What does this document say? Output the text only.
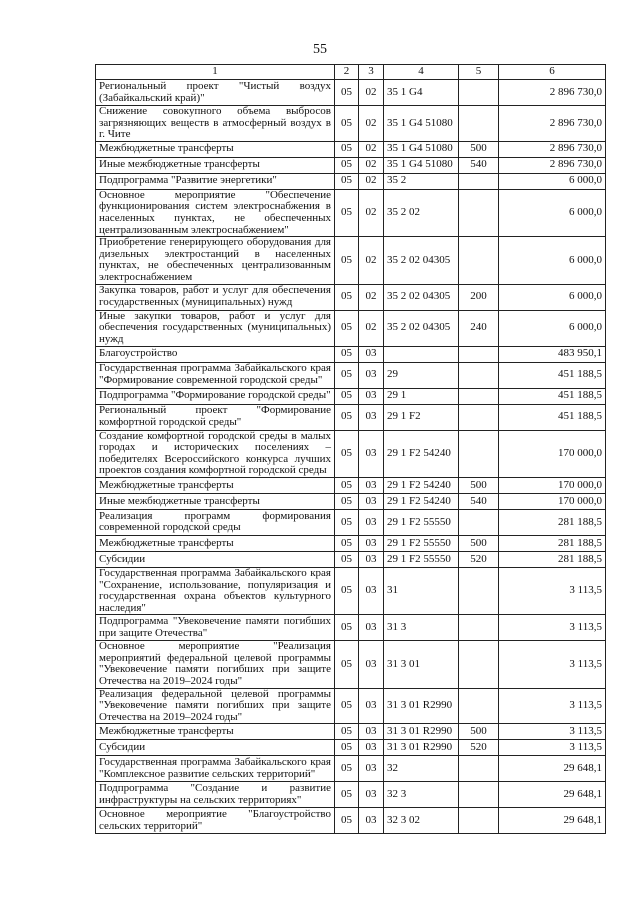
55
1	2	3	4	5	6
Региональный проект "Чистый воздух (Забайкальский край)"	05	02	35 1 G4		2 896 730,0
Снижение совокупного объема выбросов загрязняющих веществ в атмосферный воздух в г. Чите	05	02	35 1 G4 51080		2 896 730,0
Межбюджетные трансферты	05	02	35 1 G4 51080	500	2 896 730,0
Иные межбюджетные трансферты	05	02	35 1 G4 51080	540	2 896 730,0
Подпрограмма "Развитие энергетики"	05	02	35 2		6 000,0
Основное мероприятие "Обеспечение функционирования систем электроснабжения в населенных пунктах, не обеспеченных централизованным электроснабжением"	05	02	35 2 02		6 000,0
Приобретение генерирующего оборудования для дизельных электростанций в населенных пунктах, не обеспеченных централизованным электроснабжением	05	02	35 2 02 04305		6 000,0
Закупка товаров, работ и услуг для обеспечения государственных (муниципальных) нужд	05	02	35 2 02 04305	200	6 000,0
Иные закупки товаров, работ и услуг для обеспечения государственных (муниципальных) нужд	05	02	35 2 02 04305	240	6 000,0
Благоустройство	05	03			483 950,1
Государственная программа Забайкальского края "Формирование современной городской среды"	05	03	29		451 188,5
Подпрограмма "Формирование городской среды"	05	03	29 1		451 188,5
Региональный проект "Формирование комфортной городской среды"	05	03	29 1 F2		451 188,5
Создание комфортной городской среды в малых городах и исторических поселениях – победителях Всероссийского конкурса лучших проектов создания комфортной городской среды	05	03	29 1 F2 54240		170 000,0
Межбюджетные трансферты	05	03	29 1 F2 54240	500	170 000,0
Иные межбюджетные трансферты	05	03	29 1 F2 54240	540	170 000,0
Реализация программ формирования современной городской среды	05	03	29 1 F2 55550		281 188,5
Межбюджетные трансферты	05	03	29 1 F2 55550	500	281 188,5
Субсидии	05	03	29 1 F2 55550	520	281 188,5
Государственная программа Забайкальского края "Сохранение, использование, популяризация и государственная охрана объектов культурного наследия"	05	03	31		3 113,5
Подпрограмма "Увековечение памяти погибших при защите Отечества"	05	03	31 3		3 113,5
Основное мероприятие "Реализация мероприятий федеральной целевой программы "Увековечение памяти погибших при защите Отечества на 2019–2024 годы"	05	03	31 3 01		3 113,5
Реализация федеральной целевой программы "Увековечение памяти погибших при защите Отечества на 2019–2024 годы"	05	03	31 3 01 R2990		3 113,5
Межбюджетные трансферты	05	03	31 3 01 R2990	500	3 113,5
Субсидии	05	03	31 3 01 R2990	520	3 113,5
Государственная программа Забайкальского края "Комплексное развитие сельских территорий"	05	03	32		29 648,1
Подпрограмма "Создание и развитие инфраструктуры на сельских территориях"	05	03	32 3		29 648,1
Основное мероприятие "Благоустройство сельских территорий"	05	03	32 3 02		29 648,1
